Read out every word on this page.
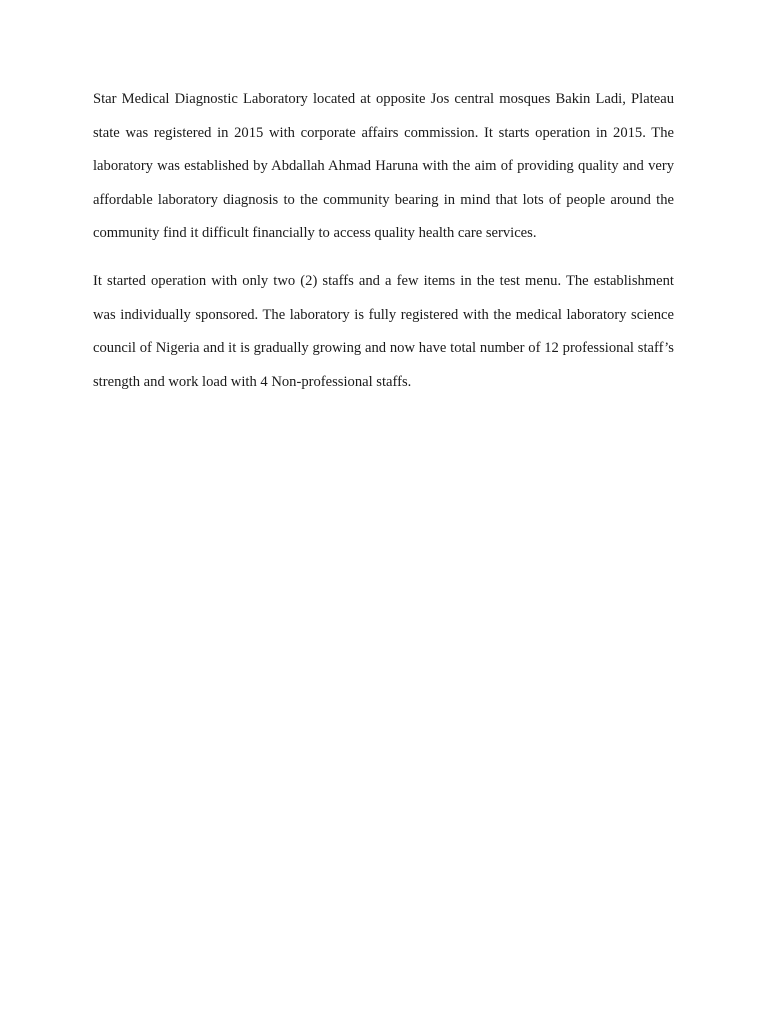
Star Medical Diagnostic Laboratory located at opposite Jos central mosques Bakin Ladi, Plateau state was registered in 2015 with corporate affairs commission. It starts operation in 2015. The laboratory was established by Abdallah Ahmad Haruna with the aim of providing quality and very affordable laboratory diagnosis to the community bearing in mind that lots of people around the community find it difficult financially to access quality health care services.

It started operation with only two (2) staffs and a few items in the test menu. The establishment was individually sponsored. The laboratory is fully registered with the medical laboratory science council of Nigeria and it is gradually growing and now have total number of 12 professional staff’s strength and work load with 4 Non-professional staffs.
